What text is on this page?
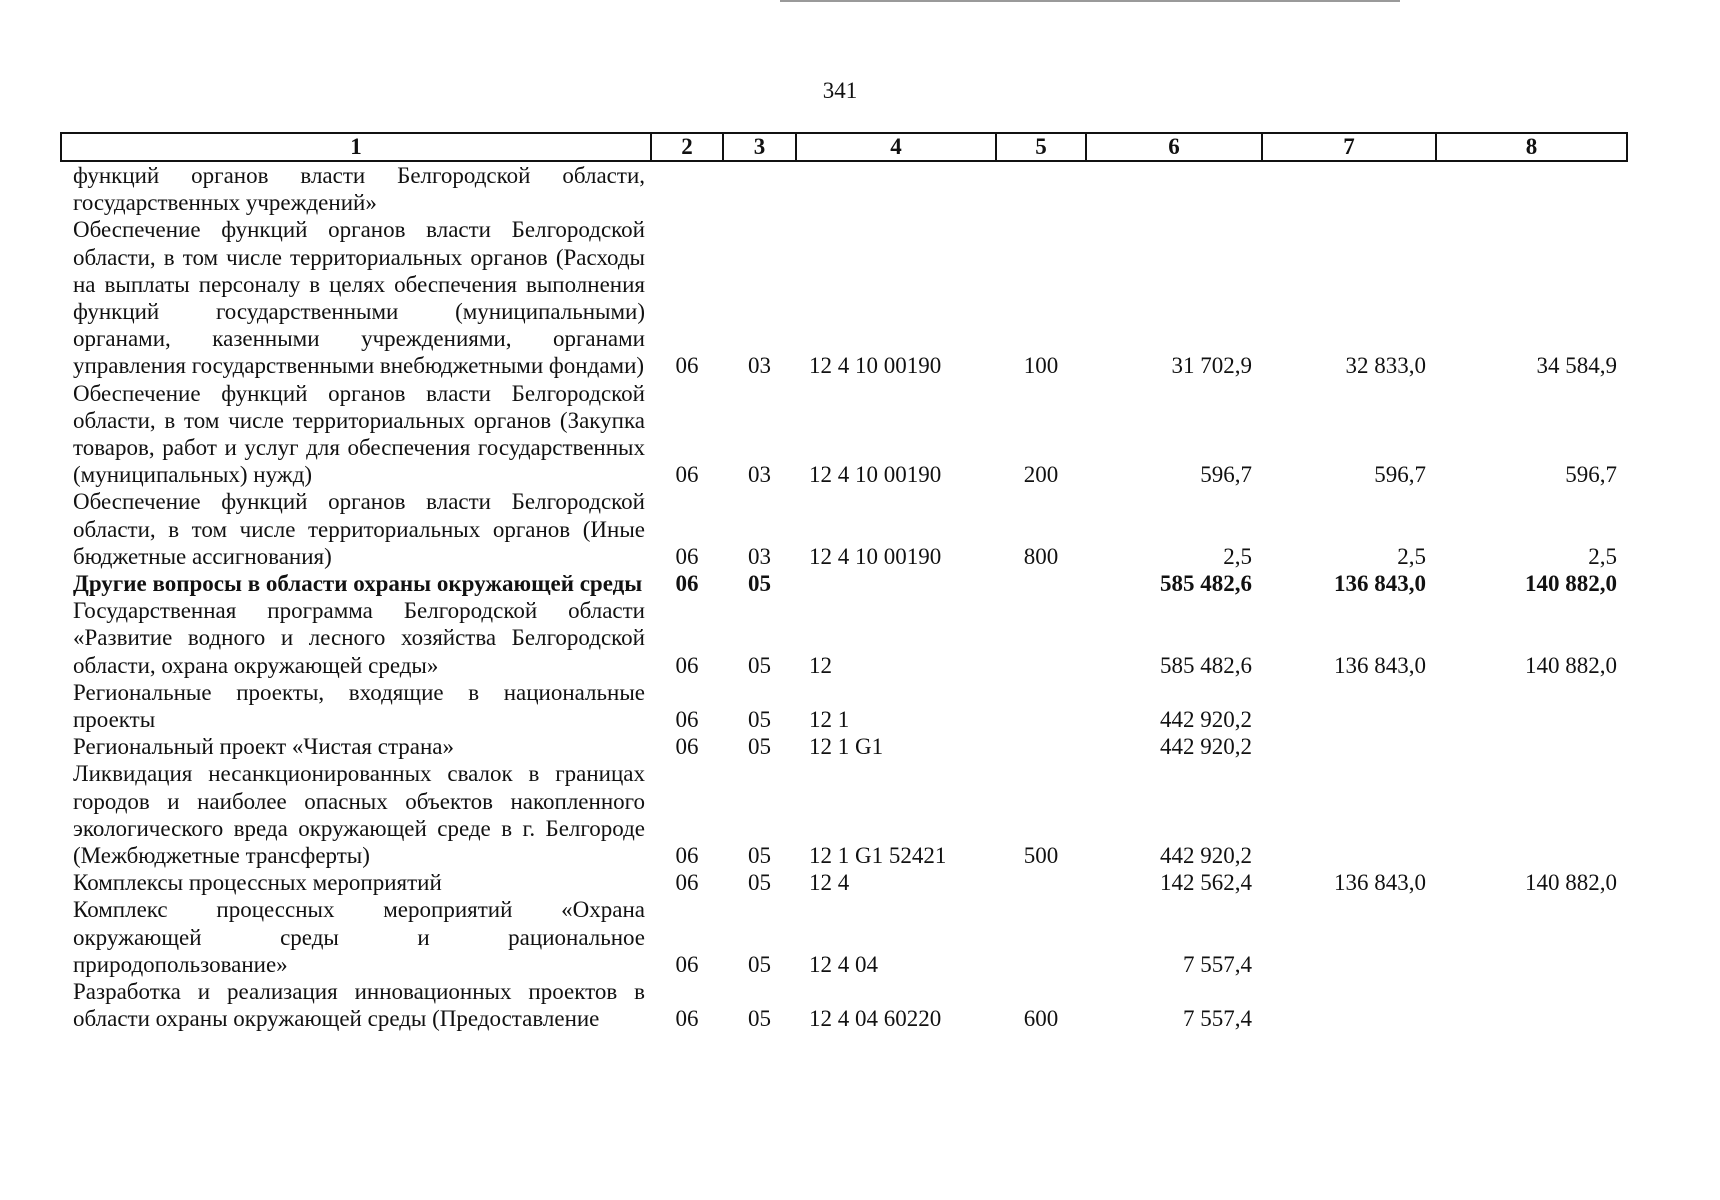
341
1	2	3	4	5	6	7	8
функций органов власти Белгородской области, государственных учреждений»							
Обеспечение функций органов власти Белгородской области, в том числе территориальных органов (Расходы на выплаты персоналу в целях обеспечения выполнения функций государственными (муниципальными) органами, казенными учреждениями, органами управления государственными внебюджетными фондами)	06	03	12 4 10 00190	100	31 702,9	32 833,0	34 584,9
Обеспечение функций органов власти Белгородской области, в том числе территориальных органов (Закупка товаров, работ и услуг для обеспечения государственных (муниципальных) нужд)	06	03	12 4 10 00190	200	596,7	596,7	596,7
Обеспечение функций органов власти Белгородской области, в том числе территориальных органов (Иные бюджетные ассигнования)	06	03	12 4 10 00190	800	2,5	2,5	2,5
Другие вопросы в области охраны окружающей среды	06	05			585 482,6	136 843,0	140 882,0
Государственная программа Белгородской области «Развитие водного и лесного хозяйства Белгородской области, охрана окружающей среды»	06	05	12		585 482,6	136 843,0	140 882,0
Региональные проекты, входящие в национальные проекты	06	05	12 1		442 920,2		
Региональный проект «Чистая страна»	06	05	12 1 G1		442 920,2		
Ликвидация несанкционированных свалок в границах городов и наиболее опасных объектов накопленного экологического вреда окружающей среде в г. Белгороде (Межбюджетные трансферты)	06	05	12 1 G1 52421	500	442 920,2		
Комплексы процессных мероприятий	06	05	12 4		142 562,4	136 843,0	140 882,0
Комплекс процессных мероприятий «Охрана окружающей среды и рациональное природопользование»	06	05	12 4 04		7 557,4		
Разработка и реализация инновационных проектов в области охраны окружающей среды (Предоставление	06	05	12 4 04 60220	600	7 557,4		
